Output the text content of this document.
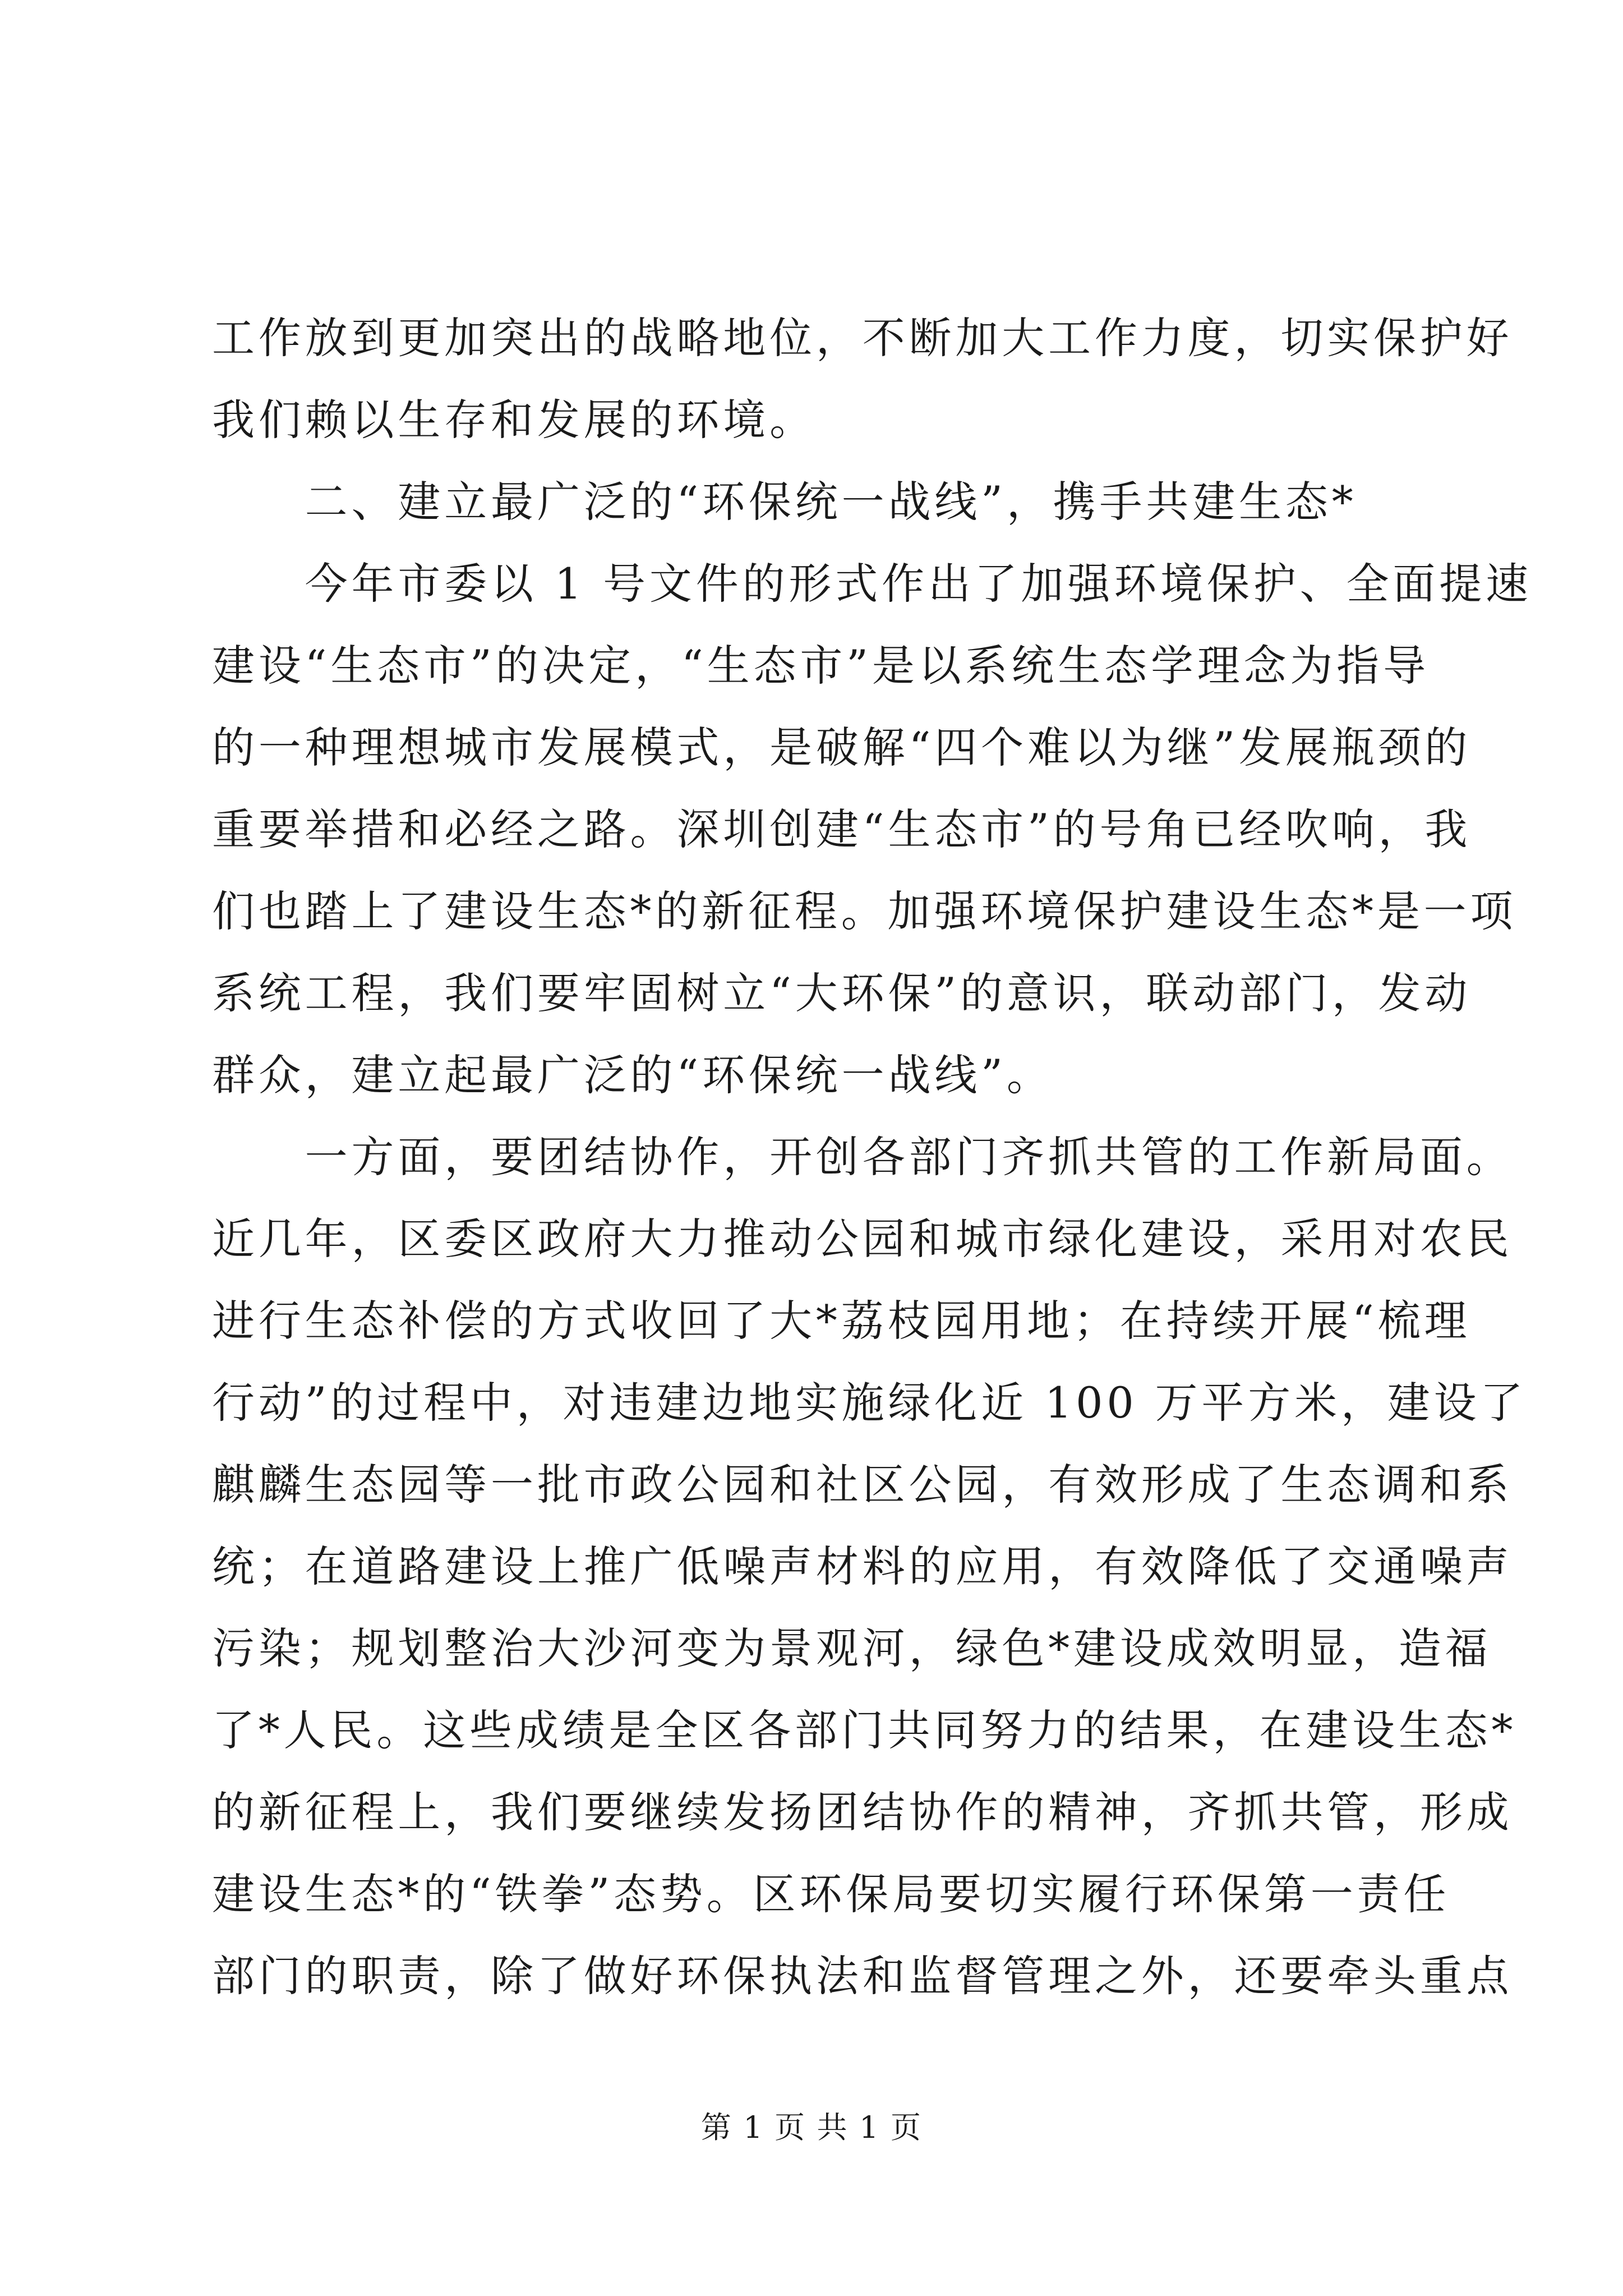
工作放到更加突出的战略地位，不断加大工作力度，切实保护好
我们赖以生存和发展的环境。
　　二、建立最广泛的“环保统一战线”，携手共建生态*
　　今年市委以 1 号文件的形式作出了加强环境保护、全面提速
建设“生态市”的决定，“生态市”是以系统生态学理念为指导
的一种理想城市发展模式，是破解“四个难以为继”发展瓶颈的
重要举措和必经之路。深圳创建“生态市”的号角已经吹响，我
们也踏上了建设生态*的新征程。加强环境保护建设生态*是一项
系统工程，我们要牢固树立“大环保”的意识，联动部门，发动
群众，建立起最广泛的“环保统一战线”。
　　一方面，要团结协作，开创各部门齐抓共管的工作新局面。
近几年，区委区政府大力推动公园和城市绿化建设，采用对农民
进行生态补偿的方式收回了大*荔枝园用地；在持续开展“梳理
行动”的过程中，对违建边地实施绿化近 100 万平方米，建设了
麒麟生态园等一批市政公园和社区公园，有效形成了生态调和系
统；在道路建设上推广低噪声材料的应用，有效降低了交通噪声
污染；规划整治大沙河变为景观河，绿色*建设成效明显，造福
了*人民。这些成绩是全区各部门共同努力的结果，在建设生态*
的新征程上，我们要继续发扬团结协作的精神，齐抓共管，形成
建设生态*的“铁拳”态势。区环保局要切实履行环保第一责任
部门的职责，除了做好环保执法和监督管理之外，还要牵头重点
第 1 页 共 1 页
